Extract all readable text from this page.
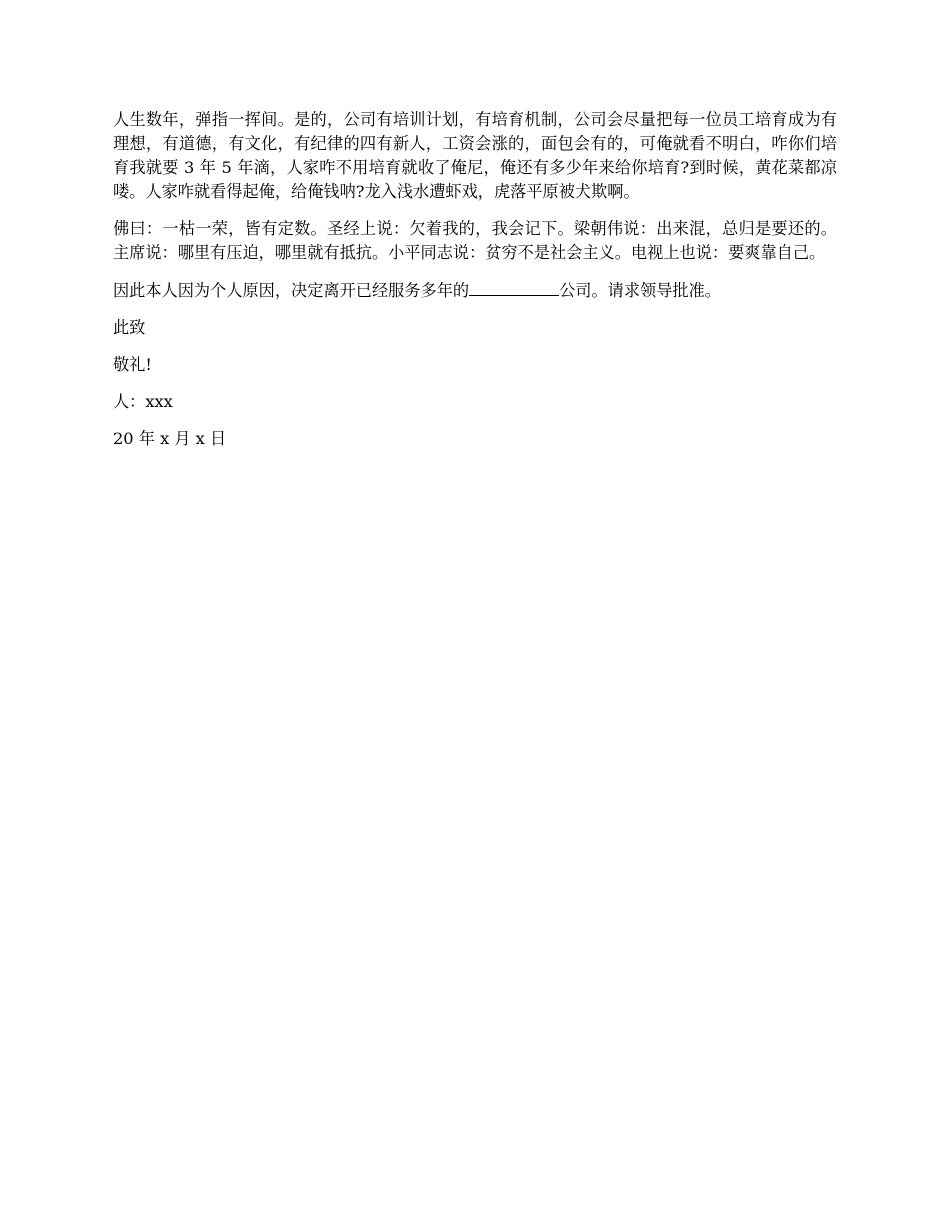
人生数年，弹指一挥间。是的，公司有培训计划，有培育机制，公司会尽量把每一位员工培育成为有理想，有道德，有文化，有纪律的四有新人，工资会涨的，面包会有的，可俺就看不明白，咋你们培育我就要 3 年 5 年滴，人家咋不用培育就收了俺尼，俺还有多少年来给你培育?到时候，黄花菜都凉喽。人家咋就看得起俺，给俺钱呐?龙入浅水遭虾戏，虎落平原被犬欺啊。

佛曰：一枯一荣，皆有定数。圣经上说：欠着我的，我会记下。梁朝伟说：出来混，总归是要还的。主席说：哪里有压迫，哪里就有抵抗。小平同志说：贫穷不是社会主义。电视上也说：要爽靠自己。

因此本人因为个人原因，决定离开已经服务多年的	公司。请求领导批准。

此致

敬礼!

人：xxx

20 年 x 月 x 日
